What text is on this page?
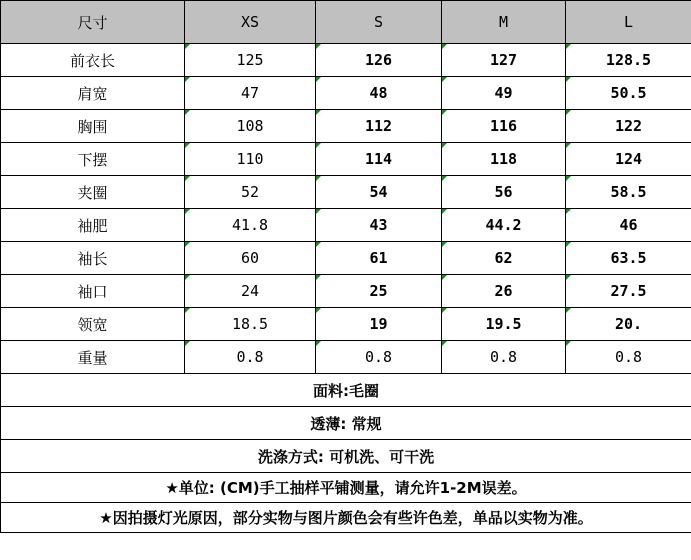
尺寸	XS	S	M	L
前衣长	125	126	127	128.5
肩宽	47	48	49	50.5
胸围	108	112	116	122
下摆	110	114	118	124
夹圈	52	54	56	58.5
袖肥	41.8	43	44.2	46
袖长	60	61	62	63.5
袖口	24	25	26	27.5
领宽	18.5	19	19.5	20.
重量	0.8	0.8	0.8	0.8
面料:毛圈				
透薄: 常规				
洗涤方式: 可机洗、可干洗				
★单位: (CM)手工抽样平铺测量，请允许1-2M误差。				
★因拍摄灯光原因，部分实物与图片颜色会有些许色差，单品以实物为准。				
